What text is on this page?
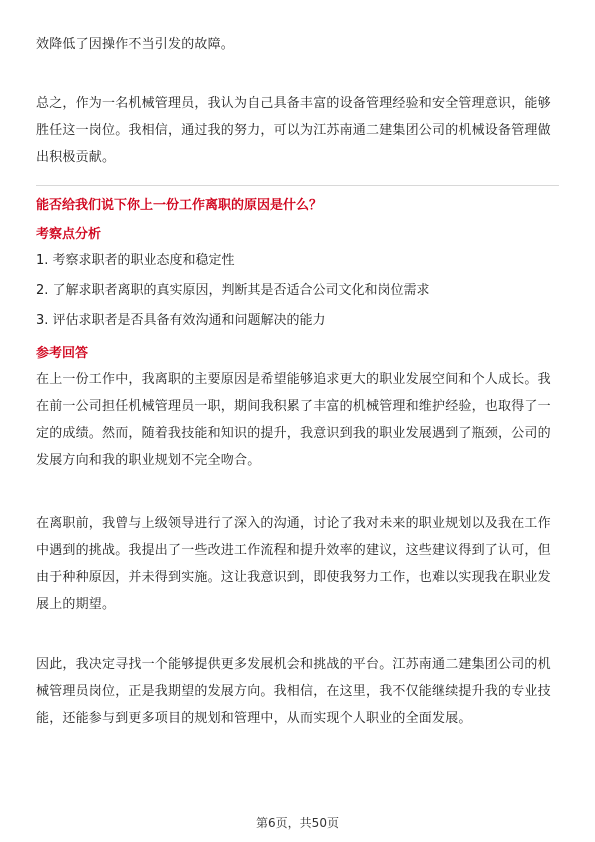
效降低了因操作不当引发的故障。

总之，作为一名机械管理员，我认为自己具备丰富的设备管理经验和安全管理意识，能够胜任这一岗位。我相信，通过我的努力，可以为江苏南通二建集团公司的机械设备管理做出积极贡献。

能否给我们说下你上一份工作离职的原因是什么？

考察点分析

1. 考察求职者的职业态度和稳定性

2. 了解求职者离职的真实原因，判断其是否适合公司文化和岗位需求

3. 评估求职者是否具备有效沟通和问题解决的能力

参考回答

在上一份工作中，我离职的主要原因是希望能够追求更大的职业发展空间和个人成长。我在前一公司担任机械管理员一职，期间我积累了丰富的机械管理和维护经验，也取得了一定的成绩。然而，随着我技能和知识的提升，我意识到我的职业发展遇到了瓶颈，公司的发展方向和我的职业规划不完全吻合。

在离职前，我曾与上级领导进行了深入的沟通，讨论了我对未来的职业规划以及我在工作中遇到的挑战。我提出了一些改进工作流程和提升效率的建议，这些建议得到了认可，但由于种种原因，并未得到实施。这让我意识到，即使我努力工作，也难以实现我在职业发展上的期望。

因此，我决定寻找一个能够提供更多发展机会和挑战的平台。江苏南通二建集团公司的机械管理员岗位，正是我期望的发展方向。我相信，在这里，我不仅能继续提升我的专业技能，还能参与到更多项目的规划和管理中，从而实现个人职业的全面发展。

第6页，共50页
